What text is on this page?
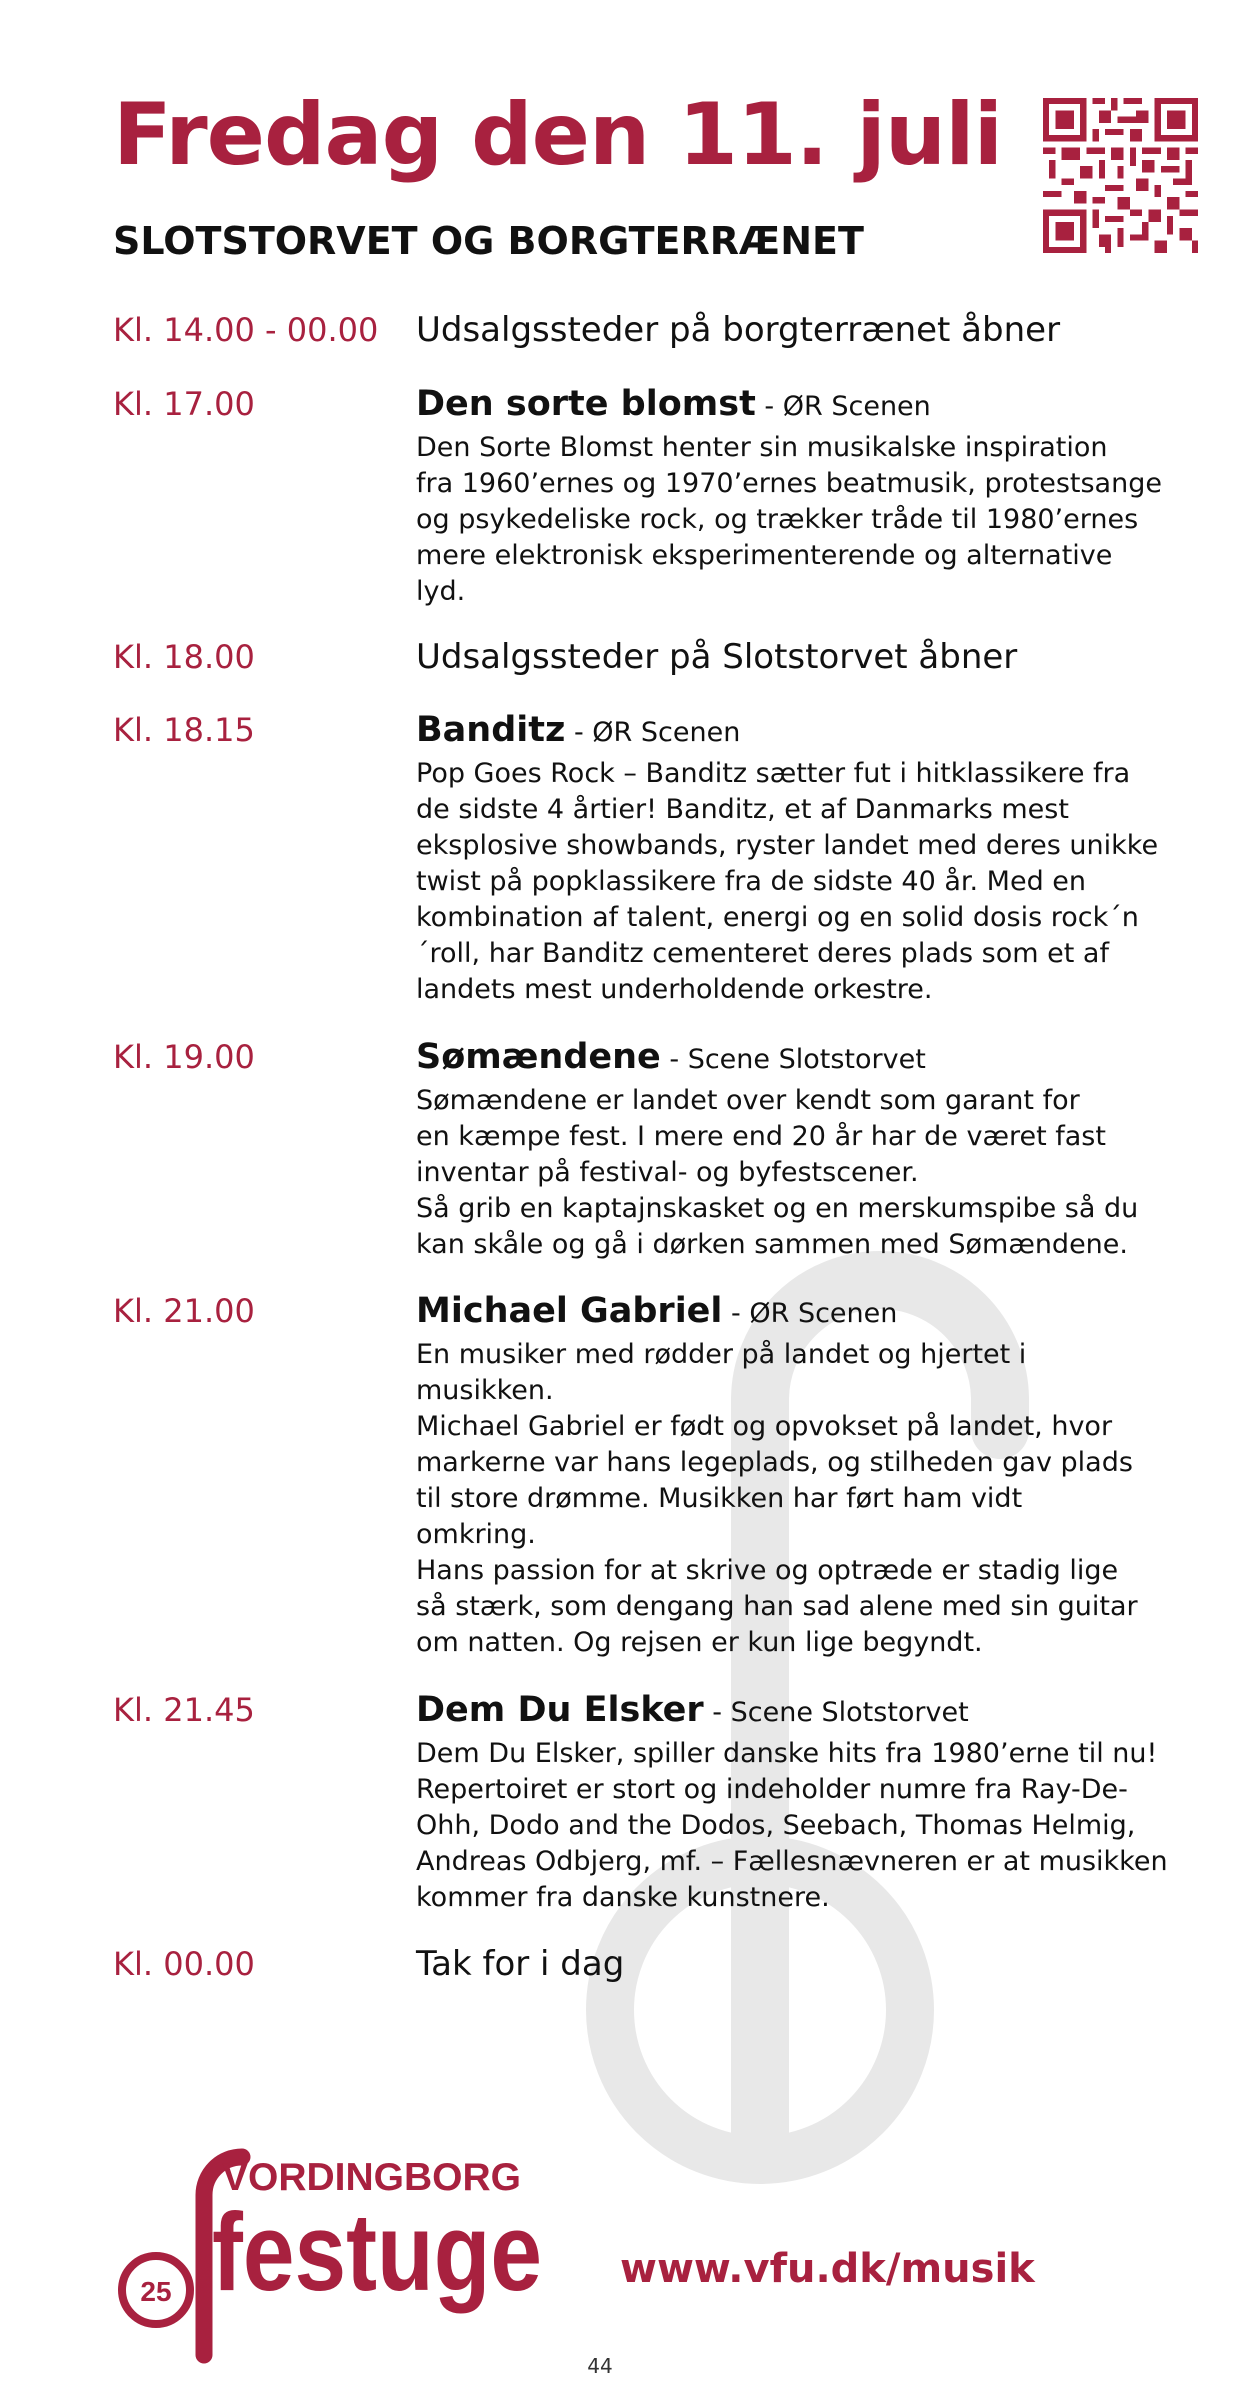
Fredag den 11. juli
SLOTSTORVET OG BORGTERRÆNET
Kl. 14.00 - 00.00	Udsalgssteder på borgterrænet åbner
Kl. 17.00	Den sorte blomst - ØR Scenen
Den Sorte Blomst henter sin musikalske inspiration
fra 1960’ernes og 1970’ernes beatmusik, protestsange
og psykedeliske rock, og trækker tråde til 1980’ernes
mere elektronisk eksperimenterende og alternative
lyd.
Kl. 18.00	Udsalgssteder på Slotstorvet åbner
Kl. 18.15	Banditz - ØR Scenen
Pop Goes Rock – Banditz sætter fut i hitklassikere fra
de sidste 4 årtier! Banditz, et af Danmarks mest
eksplosive showbands, ryster landet med deres unikke
twist på popklassikere fra de sidste 40 år. Med en
kombination af talent, energi og en solid dosis rock´n
´roll, har Banditz cementeret deres plads som et af
landets mest underholdende orkestre.
Kl. 19.00	Sømændene - Scene Slotstorvet
Sømændene er landet over kendt som garant for
en kæmpe fest. I mere end 20 år har de været fast
inventar på festival- og byfestscener.
Så grib en kaptajnskasket og en merskumspibe så du
kan skåle og gå i dørken sammen med Sømændene.
Kl. 21.00	Michael Gabriel - ØR Scenen
En musiker med rødder på landet og hjertet i
musikken.
Michael Gabriel er født og opvokset på landet, hvor
markerne var hans legeplads, og stilheden gav plads
til store drømme. Musikken har ført ham vidt
omkring.
Hans passion for at skrive og optræde er stadig lige
så stærk, som dengang han sad alene med sin guitar
om natten. Og rejsen er kun lige begyndt.
Kl. 21.45	Dem Du Elsker - Scene Slotstorvet
Dem Du Elsker, spiller danske hits fra 1980’erne til nu!
Repertoiret er stort og indeholder numre fra Ray-De-
Ohh, Dodo and the Dodos, Seebach, Thomas Helmig,
Andreas Odbjerg, mf. – Fællesnævneren er at musikken
kommer fra danske kunstnere.
Kl. 00.00	Tak for i dag
25
VORDINGBORG
festuge www.vfu.dk/musik
44
